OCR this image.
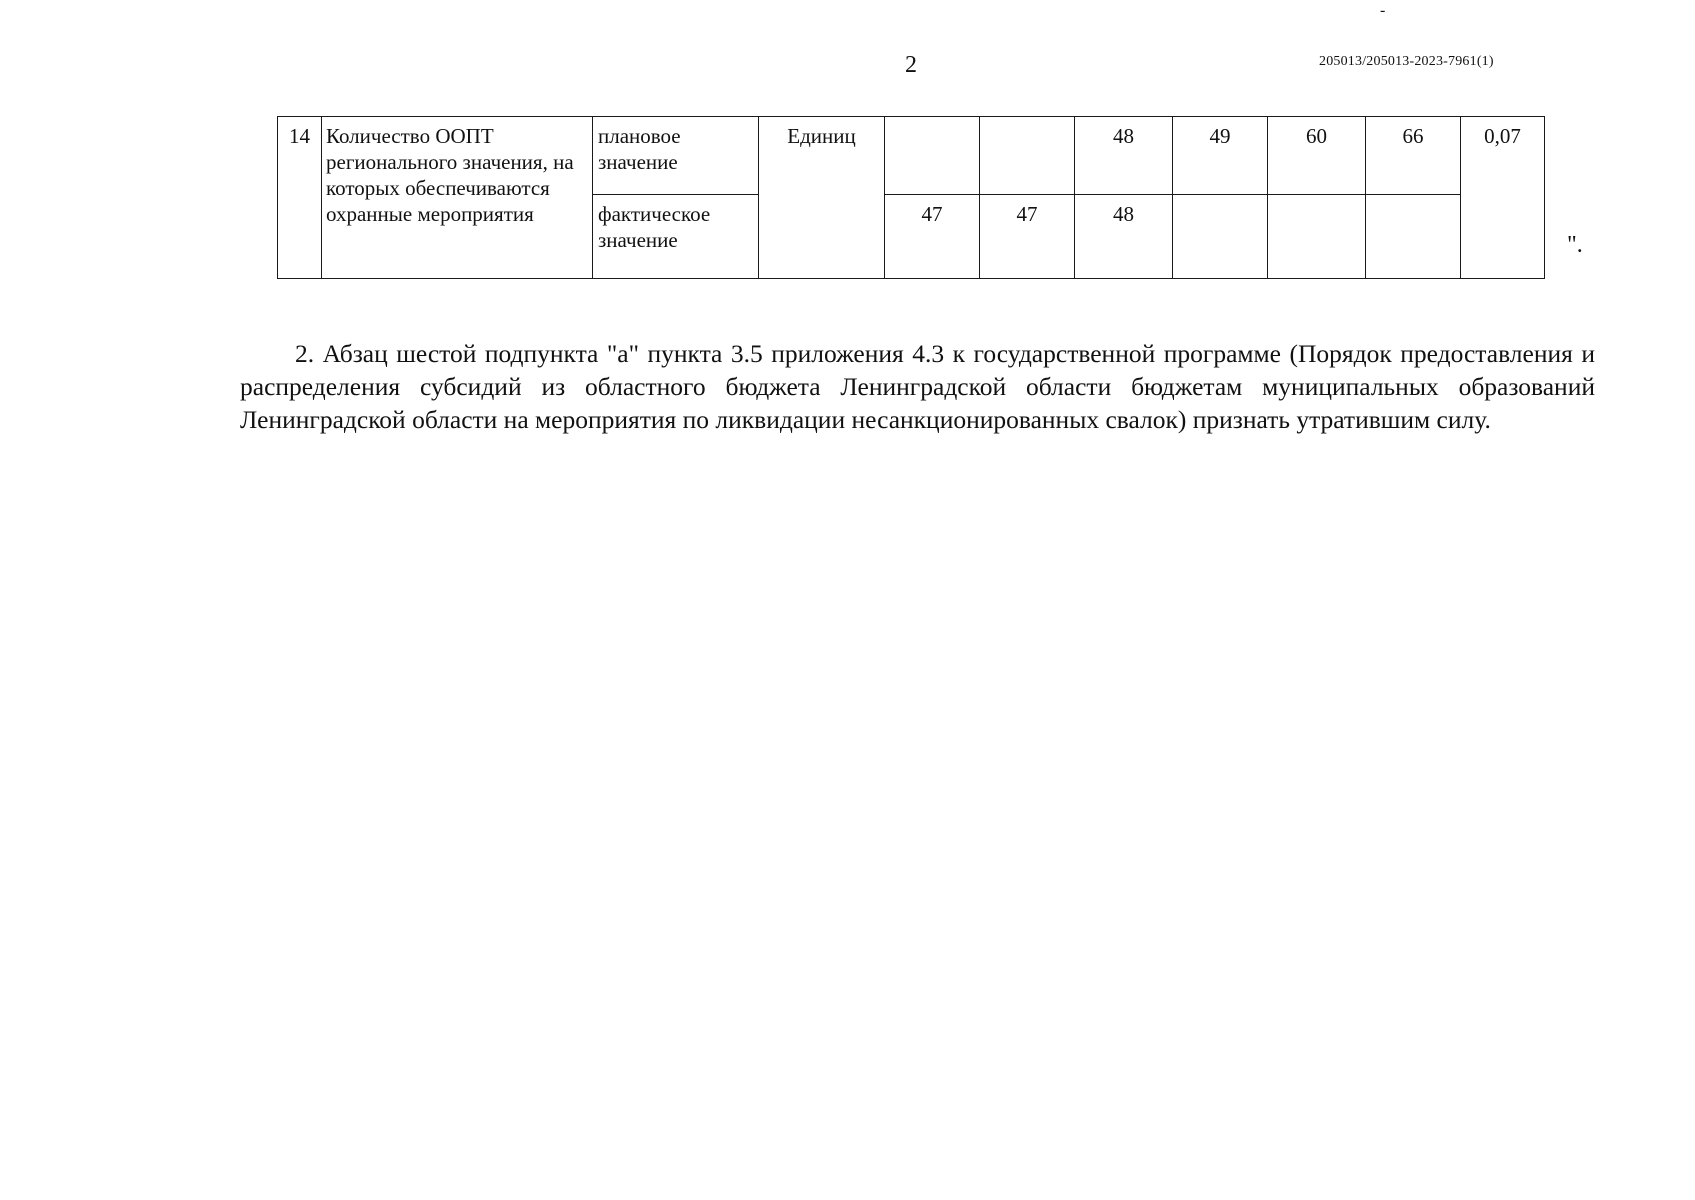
2	205013/205013-2023-7961(1)
-
14	Количество ООПТ регионального значения, на которых обеспечиваются охранные мероприятия	плановое значение	Единиц			48	49	60	66	0,07
		фактическое значение		47	47	48				
".

2. Абзац шестой подпункта "а" пункта 3.5 приложения 4.3 к государственной программе (Порядок предоставления и распределения субсидий из областного бюджета Ленинградской области бюджетам муниципальных образований Ленинградской области на мероприятия по ликвидации несанкционированных свалок) признать утратившим силу.
